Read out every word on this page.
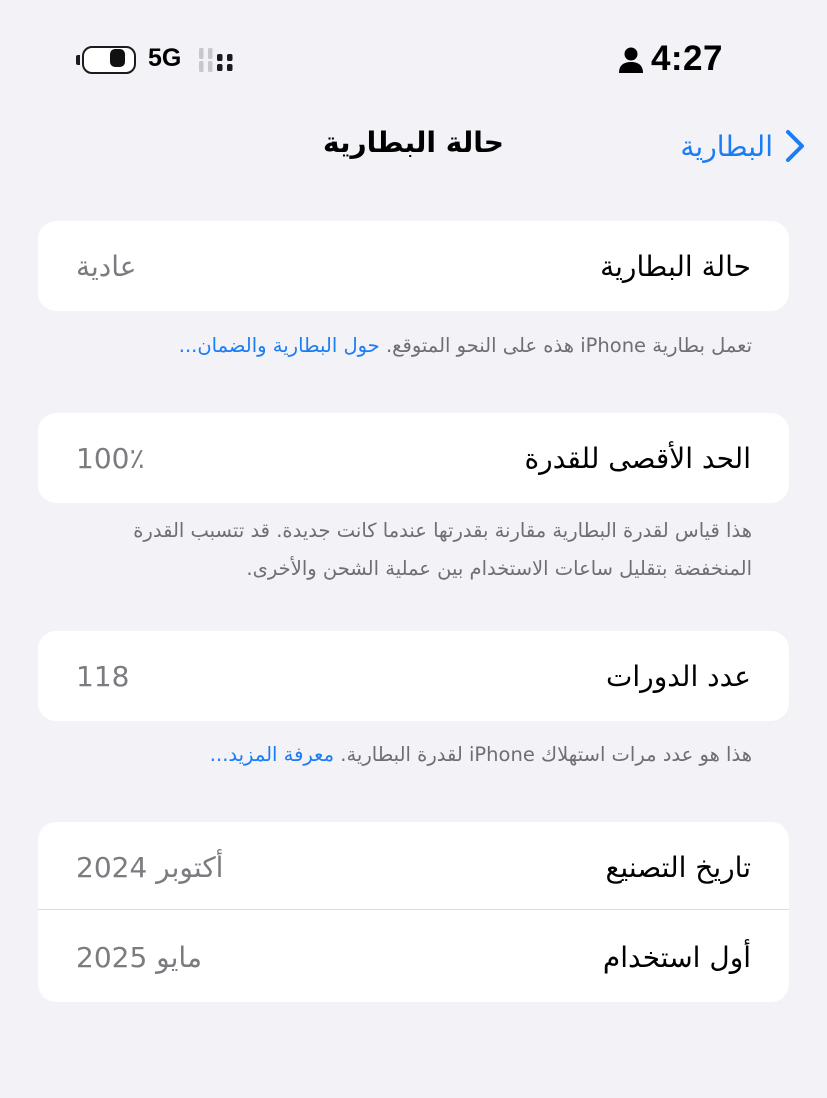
5G	4:27
حالة البطارية	البطارية
حالة البطارية
عادية
تعمل بطارية iPhone هذه على النحو المتوقع. حول البطارية والضمان...
الحد الأقصى للقدرة
100٪
هذا قياس لقدرة البطارية مقارنة بقدرتها عندما كانت جديدة. قد تتسبب القدرة المنخفضة بتقليل ساعات الاستخدام بين عملية الشحن والأخرى.
عدد الدورات
118
هذا هو عدد مرات استهلاك iPhone لقدرة البطارية. معرفة المزيد...
تاريخ التصنيع
أكتوبر 2024
أول استخدام
مايو 2025
